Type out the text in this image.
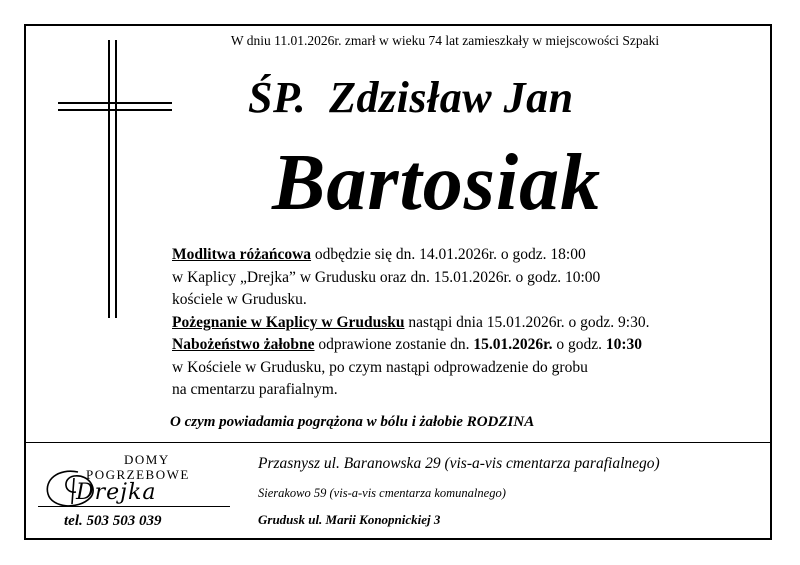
W dniu 11.01.2026r. zmarł w wieku 74 lat zamieszkały w miejscowości Szpaki
ŚP.  Zdzisław Jan
Bartosiak
Modlitwa różańcowa odbędzie się dn. 14.01.2026r. o godz. 18:00
w Kaplicy „Drejka” w Grudusku oraz dn. 15.01.2026r. o godz. 10:00
kościele w Grudusku.
Pożegnanie w Kaplicy w Grudusku nastąpi dnia 15.01.2026r. o godz. 9:30.
Nabożeństwo żałobne odprawione zostanie dn. 15.01.2026r. o godz. 10:30
w Kościele w Grudusku, po czym nastąpi odprowadzenie do grobu
na cmentarzu parafialnym.
O czym powiadamia pogrążona w bólu i żałobie RODZINA
DOMY
POGRZEBOWE
Drejka
tel. 503 503 039
Przasnysz ul. Baranowska 29 (vis-a-vis cmentarza parafialnego)
Sierakowo 59 (vis-a-vis cmentarza komunalnego)
Grudusk ul. Marii Konopnickiej 3
